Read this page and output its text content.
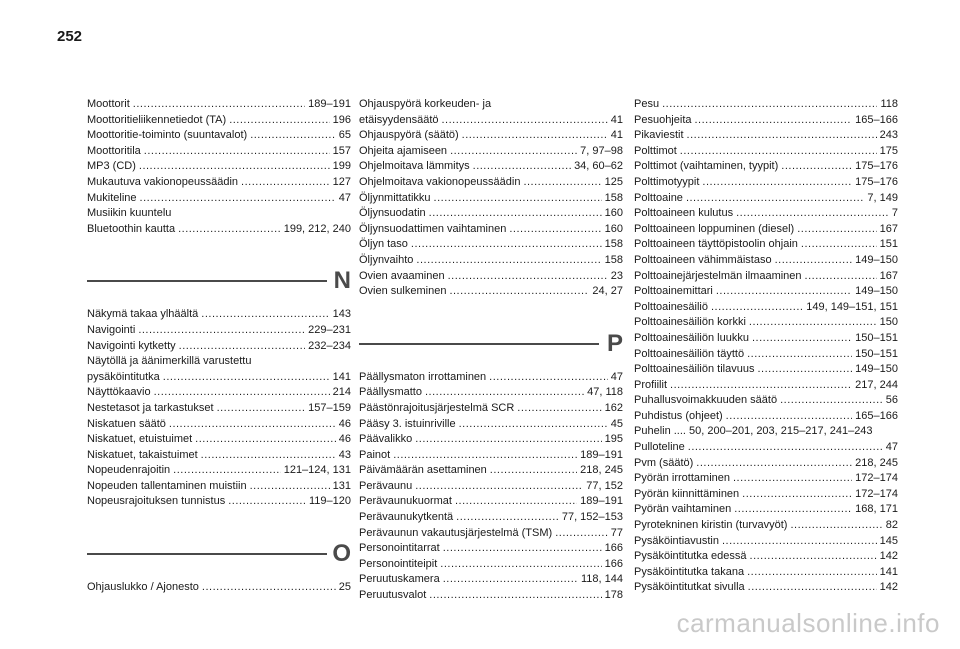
252
Moottorit .....	189–191
Moottoritieliikennetiedot (TA) .....	196
Moottoritie-toiminto (suuntavalot) .....	65
Moottoritila .....	157
MP3 (CD) .....	199
Mukautuva vakionopeussäädin .....	127
Mukiteline .....	47
Musiikin kuuntelu
Bluetoothin kautta .....	199, 212, 240
N
Näkymä takaa ylhäältä .....	143
Navigointi .....	229–231
Navigointi kytketty .....	232–234
Näytöllä ja äänimerkillä varustettu
pysäköintitutka .....	141
Näyttökaavio .....	214
Nestetasot ja tarkastukset .....	157–159
Niskatuen säätö .....	46
Niskatuet, etuistuimet .....	46
Niskatuet, takaistuimet .....	43
Nopeudenrajoitin .....	121–124, 131
Nopeuden tallentaminen muistiin .....	131
Nopeusrajoituksen tunnistus .....	119–120
O
Ohjauslukko / Ajonesto .....	25
Ohjauspyörä korkeuden- ja
etäisyydensäätö .....	41
Ohjauspyörä (säätö) .....	41
Ohjeita ajamiseen .....	7, 97–98
Ohjelmoitava lämmitys .....	34, 60–62
Ohjelmoitava vakionopeussäädin .....	125
Öljynmittatikku .....	158
Öljynsuodatin .....	160
Öljynsuodattimen vaihtaminen .....	160
Öljyn taso .....	158
Öljynvaihto .....	158
Ovien avaaminen .....	23
Ovien sulkeminen .....	24, 27
P
Päällysmaton irrottaminen .....	47
Päällysmatto .....	47, 118
Päästönrajoitusjärjestelmä SCR .....	162
Pääsy 3. istuinriville .....	45
Päävalikko .....	195
Painot .....	189–191
Päivämäärän asettaminen .....	218, 245
Perävaunu .....	77, 152
Perävaunukuormat .....	189–191
Perävaunukytkentä .....	77, 152–153
Perävaunun vakautusjärjestelmä (TSM) .....	77
Personointitarrat .....	166
Personointiteipit .....	166
Peruutuskamera .....	118, 144
Peruutusvalot .....	178
Pesu .....	118
Pesuohjeita .....	165–166
Pikaviestit .....	243
Polttimot .....	175
Polttimot (vaihtaminen, tyypit) .....	175–176
Polttimotyypit .....	175–176
Polttoaine .....	7, 149
Polttoaineen kulutus .....	7
Polttoaineen loppuminen (diesel) .....	167
Polttoaineen täyttöpistoolin ohjain .....	151
Polttoaineen vähimmäistaso .....	149–150
Polttoainejärjestelmän ilmaaminen .....	167
Polttoainemittari .....	149–150
Polttoainesäiliö .....	149, 149–151, 151
Polttoainesäiliön korkki .....	150
Polttoainesäiliön luukku .....	150–151
Polttoainesäiliön täyttö .....	150–151
Polttoainesäiliön tilavuus .....	149–150
Profiilit .....	217, 244
Puhallusvoimakkuuden säätö .....	56
Puhdistus (ohjeet) .....	165–166
Puhelin .... 50, 200–201, 203, 215–217, 241–243
Pulloteline .....	47
Pvm (säätö) .....	218, 245
Pyörän irrottaminen .....	172–174
Pyörän kiinnittäminen .....	172–174
Pyörän vaihtaminen .....	168, 171
Pyrotekninen kiristin (turvavyöt) .....	82
Pysäköintiavustin .....	145
Pysäköintitutka edessä .....	142
Pysäköintitutka takana .....	141
Pysäköintitutkat sivulla .....	142
carmanualsonline.info
